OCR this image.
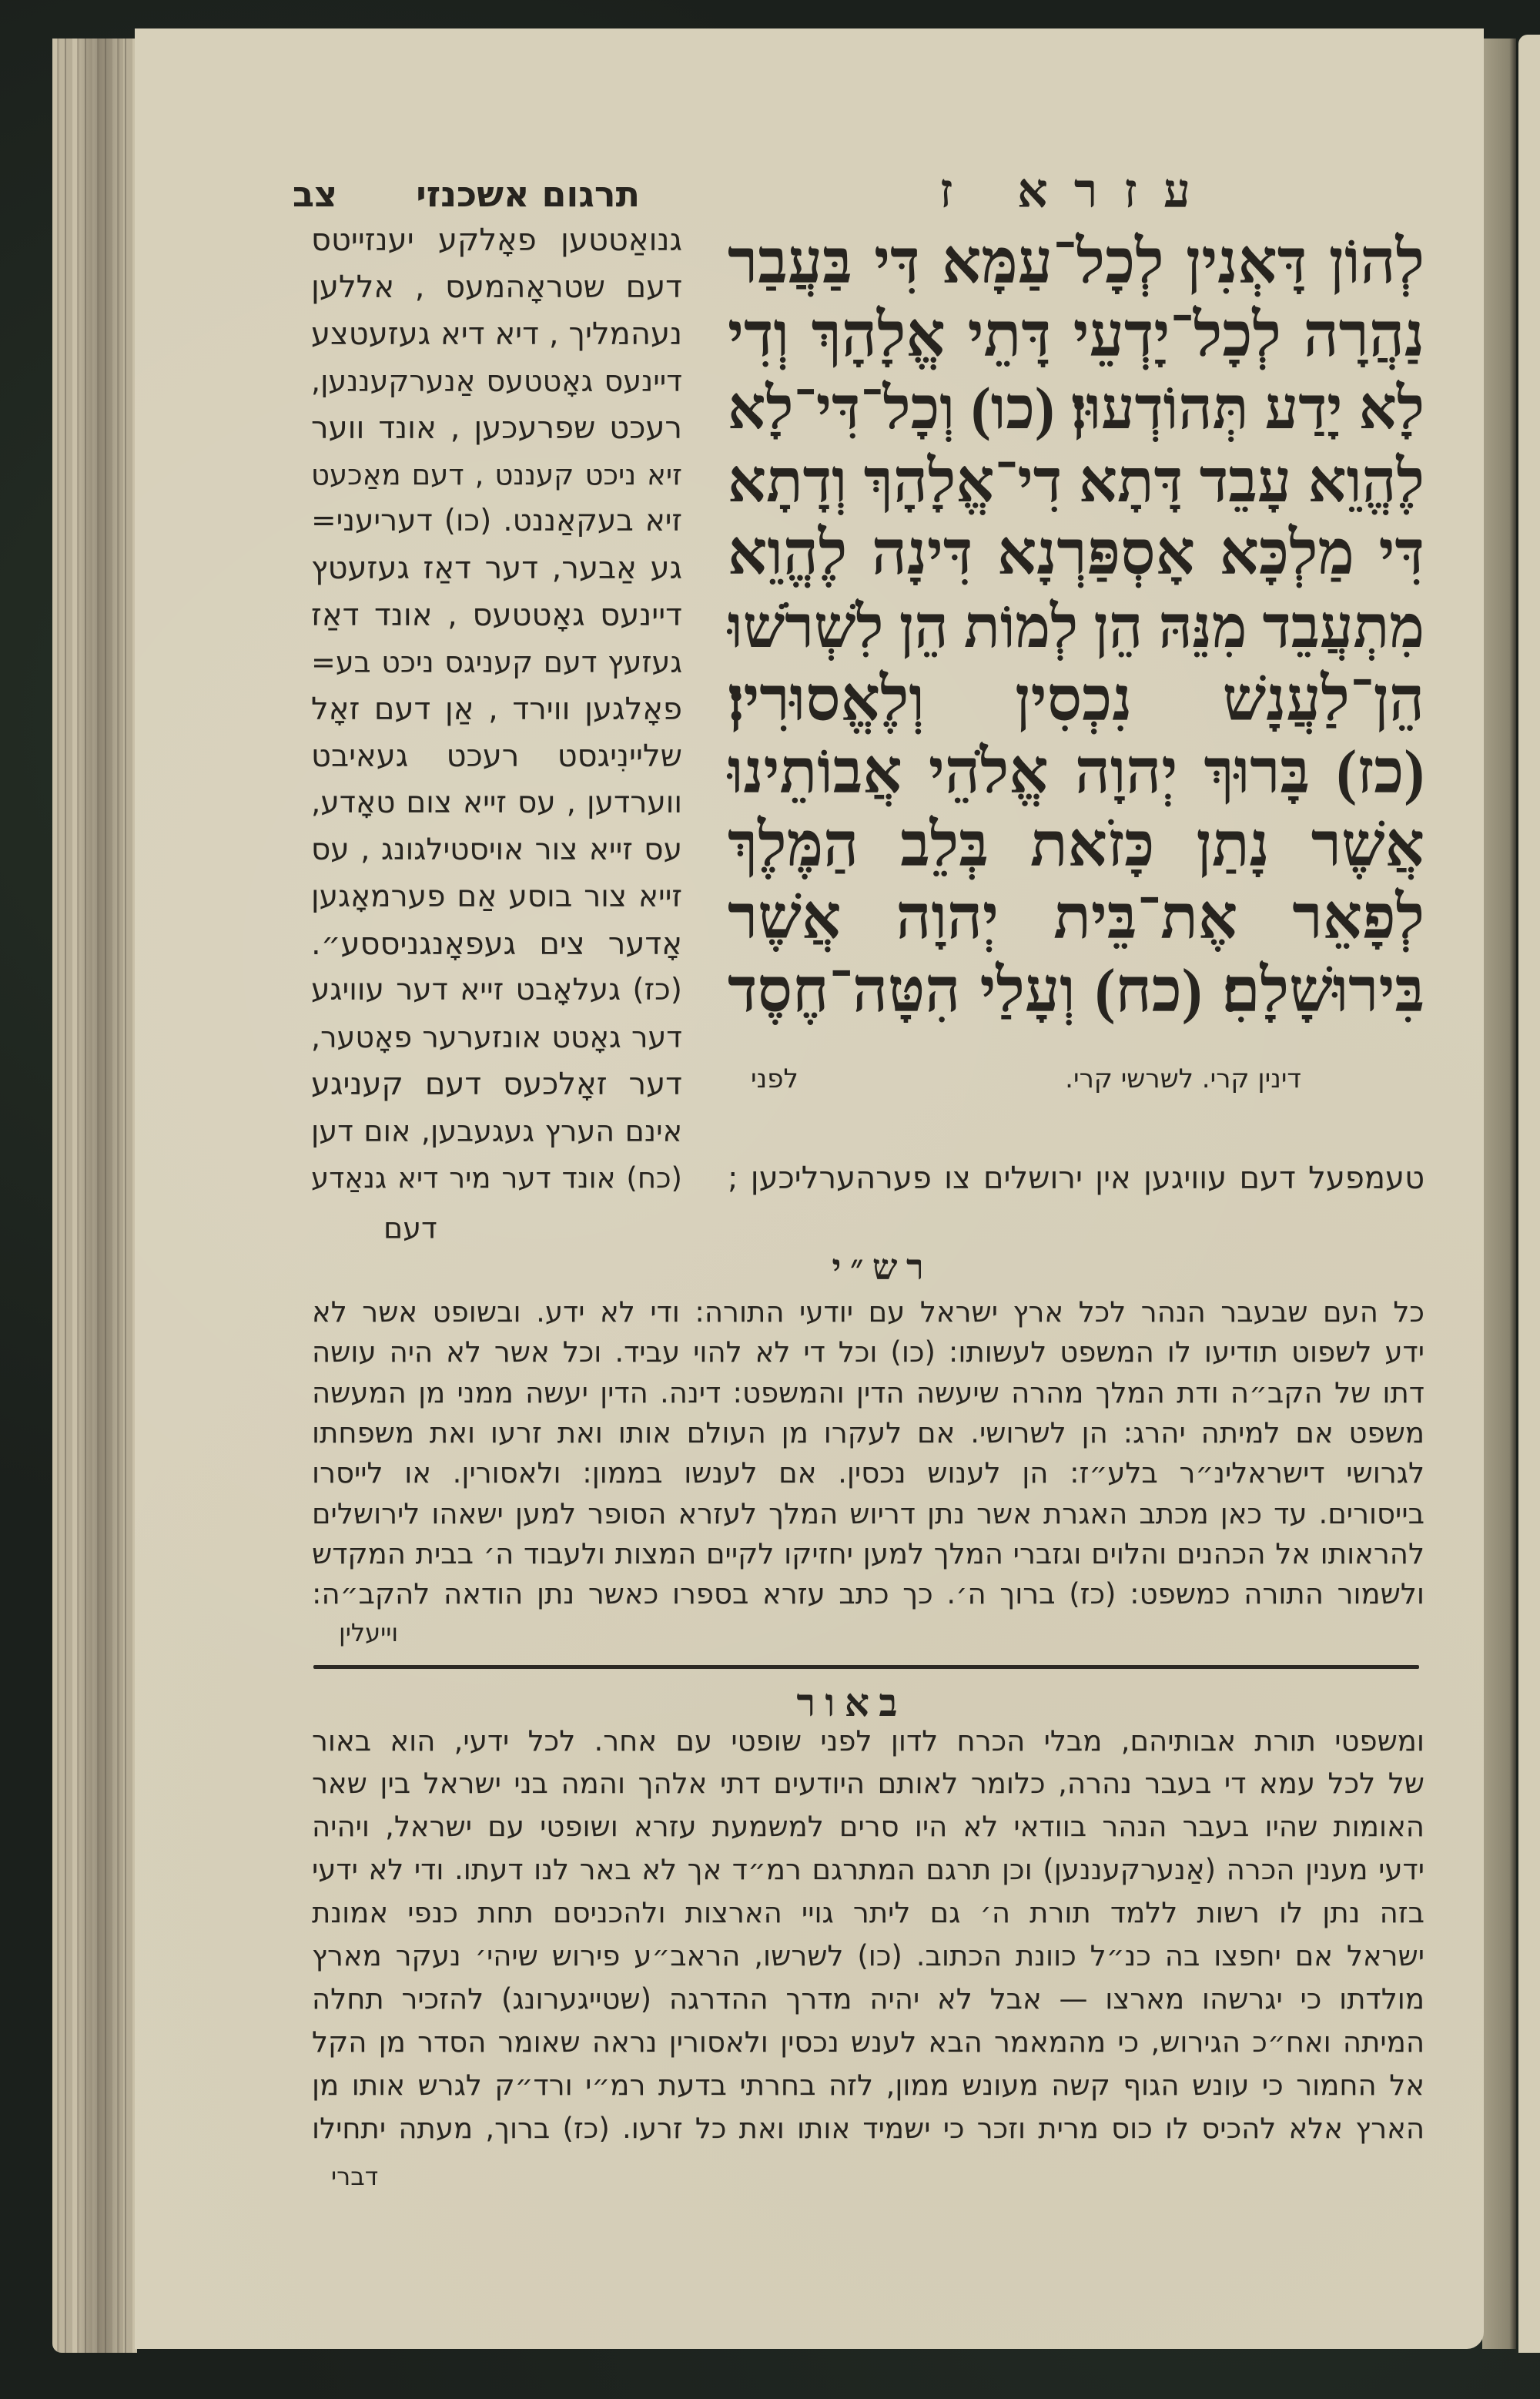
עזרא ז
תרגום אשכנזי
צב
לְהוֹן דָּאְנִין לְכָל־עַמָּא דִּי בַּעֲבַר
נַהֲרָה לְכָל־יָדְעֵי דָּתֵי אֱלָהָךְ וְדִי
לָא יָדַע תְּהוֹדְעוּן׃ (כו) וְכָל־דִּי־לָא
לֶהֱוֵא עָבֵד דָּתָא דִי־אֱלָהָךְ וְדָתָא
דִּי מַלְכָּא אָסְפַּרְנָא דִּינָה לֶהֱוֵא
מִתְעֲבֵד מִנֵּהּ הֵן לְמוֹת הֵן לִשְׁרֹשׁוּ
הֵן־לַעֲנָשׁ נִכְסִין וְלֶאֱסוּרִין׃
(כז) בָּרוּךְ יְהוָה אֱלֹהֵי אֲבוֹתֵינוּ
אֲשֶׁר נָתַן כָּזֹאת בְּלֵב הַמֶּלֶךְ
לְפָאֵר אֶת־בֵּית יְהוָה אֲשֶׁר
בִּירוּשָׁלָםִ׃ (כח) וְעָלַי הִטָּה־חֶסֶד
גנואַטטען פאָלקע יענזייטס
דעם שטראָהמעס , אללען
נעהמליך , דיא דיא געזעטצע
דיינעס גאָטטעס אַנערקעננען,
רעכט שפרעכען , אונד ווער
זיא ניכט קעננט , דעם מאַכעט
זיא בעקאַננט. (כו) דעריעני=
גע אַבער, דער דאַז געזעטץ
דיינעס גאָטטעס , אונד דאַז
געזעץ דעם קעניגס ניכט בע=
פאָלגען ווירד , אַן דעם זאָל
שליינִיגסט רעכט געאיבט
ווערדען , עס זייא צום טאָדע,
עס זייא צור אויסטילגונג , עס
זייא צור בוסע אַם פערמאָגען
אָדער צים געפאָנגניססע״.
(כז) געלאָבט זייא דער עוויגע
דער גאָטט אונזערער פאָטער,
דער זאָלכעס דעם קעניגע
אינם הערץ געגעבען, אום דען
(כח) אונד דער מיר דיא גנאַדע טעמפעל דעם עוויגען אין ירושלים צו פערהערליכען ;
דעם
דינין קרי. לשרשי קרי.
לפני
ר ש ״ י
כל העם שבעבר הנהר לכל ארץ ישראל עם יודעי התורה: ודי לא ידע. ובשופט אשר לא
ידע לשפוט תודיעו לו המשפט לעשותו: (כו) וכל די לא להוי עביד. וכל אשר לא היה עושה
דתו של הקב״ה ודת המלך מהרה שיעשה הדין והמשפט: דינה. הדין יעשה ממני מן המעשה
משפט אם למיתה יהרג: הן לשרושי. אם לעקרו מן העולם אותו ואת זרעו ואת משפחתו
לגרושי דישראלינ״ר בלע״ז: הן לענוש נכסין. אם לענשו בממון: ולאסורין. או לייסרו
בייסורים. עד כאן מכתב האגרת אשר נתן דריוש המלך לעזרא הסופר למען ישאהו לירושלים
להראותו אל הכהנים והלוים וגזברי המלך למען יחזיקו לקיים המצות ולעבוד ה׳ בבית המקדש
ולשמור התורה כמשפט: (כז) ברוך ה׳. כך כתב עזרא בספרו כאשר נתן הודאה להקב״ה:
וייעלין
ב א ו ר
ומשפטי תורת אבותיהם, מבלי הכרח לדון לפני שופטי עם אחר. לכל ידעי, הוא באור
של לכל עמא די בעבר נהרה, כלומר לאותם היודעים דתי אלהך והמה בני ישראל בין שאר
האומות שהיו בעבר הנהר בוודאי לא היו סרים למשמעת עזרא ושופטי עם ישראל, ויהיה
ידעי מענין הכרה (אַנערקעננען) וכן תרגם המתרגם רמ״ד אך לא באר לנו דעתו. ודי לא ידעי
בזה נתן לו רשות ללמד תורת ה׳ גם ליתר גויי הארצות ולהכניסם תחת כנפי אמונת
ישראל אם יחפצו בה כנ״ל כוונת הכתוב. (כו) לשרשו, הראב״ע פירוש שיהי׳ נעקר מארץ
מולדתו כי יגרשהו מארצו — אבל לא יהיה מדרך ההדרגה (שטייגערונג) להזכיר תחלה
המיתה ואח״כ הגירוש, כי מהמאמר הבא לענש נכסין ולאסורין נראה שאומר הסדר מן הקל
אל החמור כי עונש הגוף קשה מעונש ממון, לזה בחרתי בדעת רמ״י ורד״ק לגרש אותו מן
הארץ אלא להכיס לו כוס מרית וזכר כי ישמיד אותו ואת כל זרעו. (כז) ברוך, מעתה יתחילו
דברי
